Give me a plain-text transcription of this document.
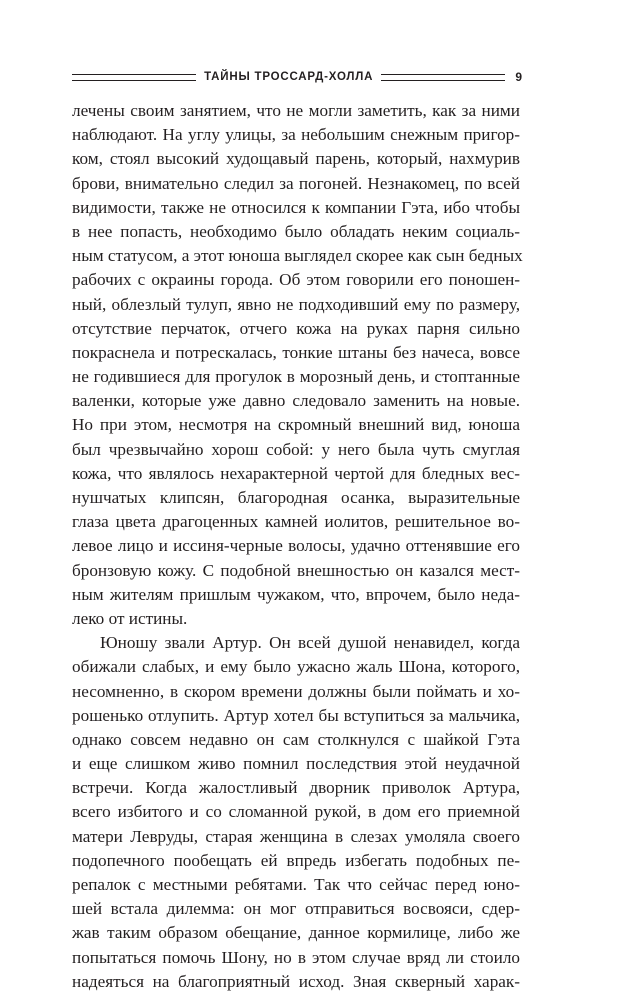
ТАЙНЫ ТРОССАРД-ХОЛЛА	9
лечены своим занятием, что не могли заметить, как за ними
наблюдают. На углу улицы, за небольшим снежным пригор-
ком, стоял высокий худощавый парень, который, нахмурив
брови, внимательно следил за погоней. Незнакомец, по всей
видимости, также не относился к компании Гэта, ибо чтобы
в нее попасть, необходимо было обладать неким социаль-
ным статусом, а этот юноша выглядел скорее как сын бедных
рабочих с окраины города. Об этом говорили его поношен-
ный, облезлый тулуп, явно не подходивший ему по размеру,
отсутствие перчаток, отчего кожа на руках парня сильно
покраснела и потрескалась, тонкие штаны без начеса, вовсе
не годившиеся для прогулок в морозный день, и стоптанные
валенки, которые уже давно следовало заменить на новые.
Но при этом, несмотря на скромный внешний вид, юноша
был чрезвычайно хорош собой: у него была чуть смуглая
кожа, что являлось нехарактерной чертой для бледных вес-
нушчатых клипсян, благородная осанка, выразительные
глаза цвета драгоценных камней иолитов, решительное во-
левое лицо и иссиня-черные волосы, удачно оттенявшие его
бронзовую кожу. С подобной внешностью он казался мест-
ным жителям пришлым чужаком, что, впрочем, было неда-
леко от истины.
Юношу звали Артур. Он всей душой ненавидел, когда
обижали слабых, и ему было ужасно жаль Шона, которого,
несомненно, в скором времени должны были поймать и хо-
рошенько отлупить. Артур хотел бы вступиться за мальчика,
однако совсем недавно он сам столкнулся с шайкой Гэта
и еще слишком живо помнил последствия этой неудачной
встречи. Когда жалостливый дворник приволок Артура,
всего избитого и со сломанной рукой, в дом его приемной
матери Левруды, старая женщина в слезах умоляла своего
подопечного пообещать ей впредь избегать подобных пе-
репалок с местными ребятами. Так что сейчас перед юно-
шей встала дилемма: он мог отправиться восвояси, сдер-
жав таким образом обещание, данное кормилице, либо же
попытаться помочь Шону, но в этом случае вряд ли стоило
надеяться на благоприятный исход. Зная скверный харак-
